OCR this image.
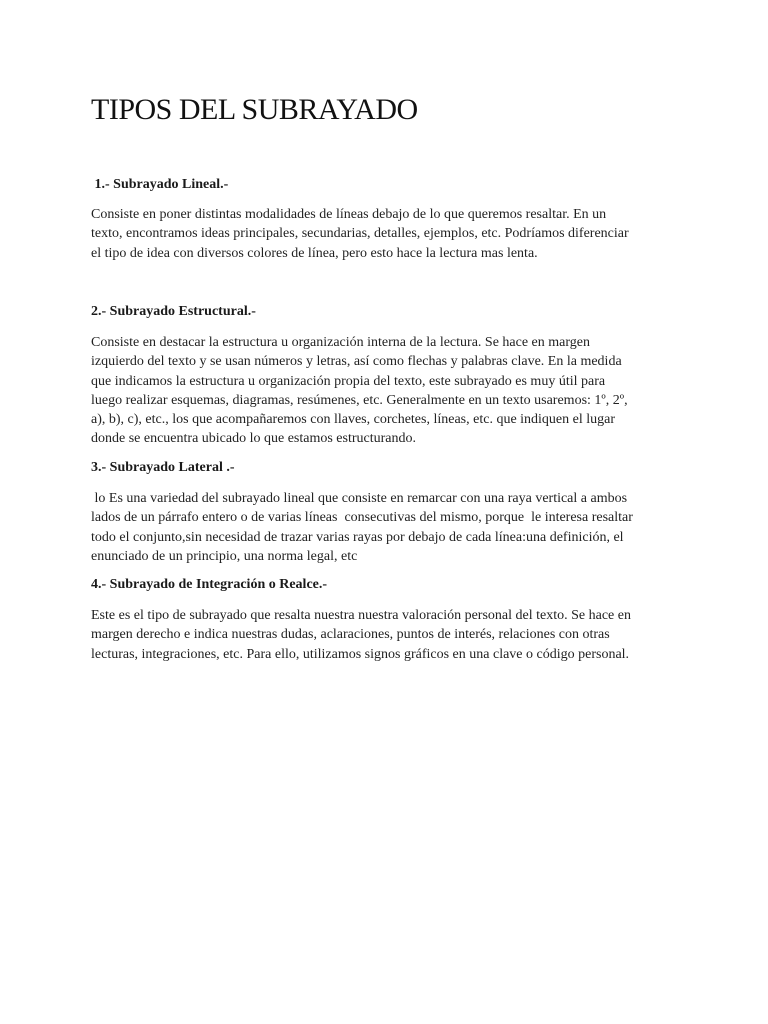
TIPOS DEL SUBRAYADO
1.- Subrayado Lineal.-

Consiste en poner distintas modalidades de líneas debajo de lo que queremos resaltar. En un
texto, encontramos ideas principales, secundarias, detalles, ejemplos, etc. Podríamos diferenciar
el tipo de idea con diversos colores de línea, pero esto hace la lectura mas lenta.

2.- Subrayado Estructural.-

Consiste en destacar la estructura u organización interna de la lectura. Se hace en margen
izquierdo del texto y se usan números y letras, así como flechas y palabras clave. En la medida
que indicamos la estructura u organización propia del texto, este subrayado es muy útil para
luego realizar esquemas, diagramas, resúmenes, etc. Generalmente en un texto usaremos: 1º, 2º,
a), b), c), etc., los que acompañaremos con llaves, corchetes, líneas, etc. que indiquen el lugar
donde se encuentra ubicado lo que estamos estructurando.

3.- Subrayado Lateral .-

lo Es una variedad del subrayado lineal que consiste en remarcar con una raya vertical a ambos
lados de un párrafo entero o de varias líneas  consecutivas del mismo, porque  le interesa resaltar
todo el conjunto,sin necesidad de trazar varias rayas por debajo de cada línea:una definición, el
enunciado de un principio, una norma legal, etc

4.- Subrayado de Integración o Realce.-

Este es el tipo de subrayado que resalta nuestra nuestra valoración personal del texto. Se hace en
margen derecho e indica nuestras dudas, aclaraciones, puntos de interés, relaciones con otras
lecturas, integraciones, etc. Para ello, utilizamos signos gráficos en una clave o código personal.
